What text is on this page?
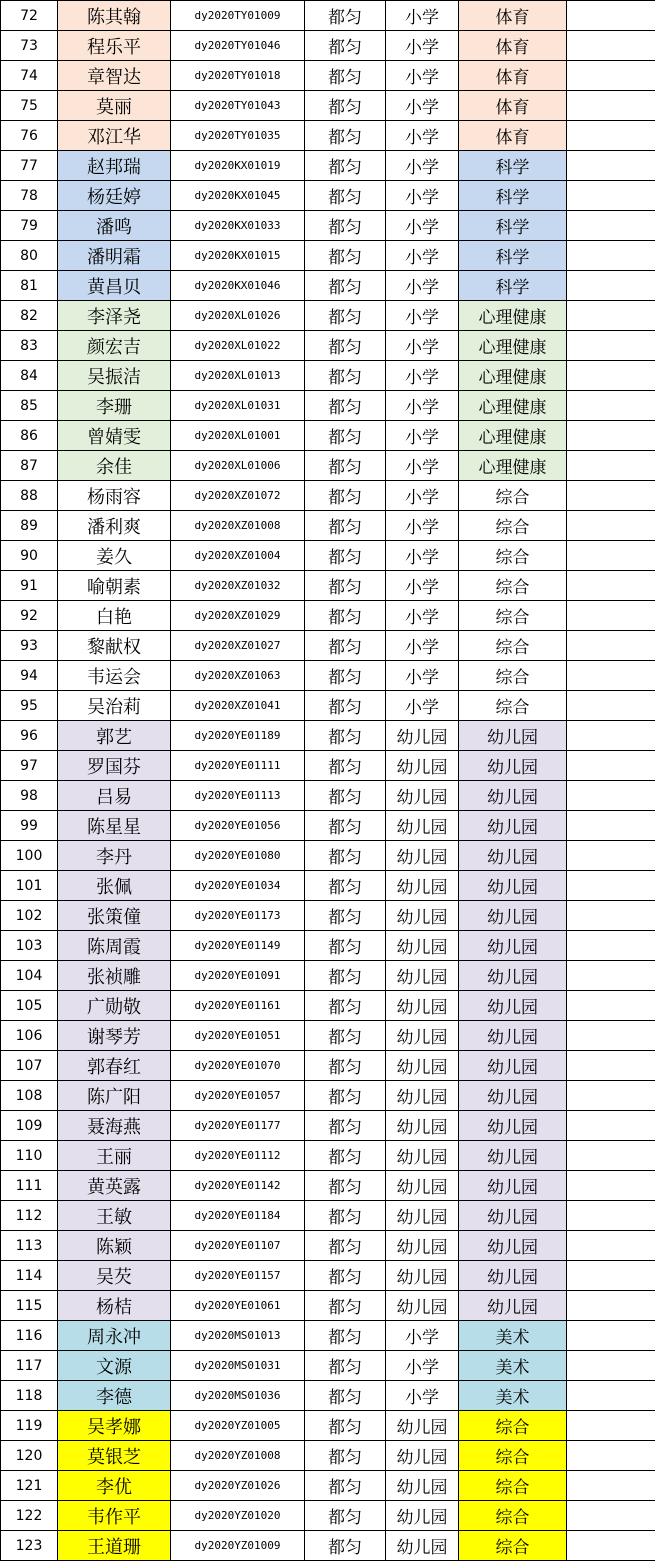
72	陈其翰	dy2020TY01009	都匀	小学	体育	
73	程乐平	dy2020TY01046	都匀	小学	体育	
74	章智达	dy2020TY01018	都匀	小学	体育	
75	莫丽	dy2020TY01043	都匀	小学	体育	
76	邓江华	dy2020TY01035	都匀	小学	体育	
77	赵邦瑞	dy2020KX01019	都匀	小学	科学	
78	杨廷婷	dy2020KX01045	都匀	小学	科学	
79	潘鸣	dy2020KX01033	都匀	小学	科学	
80	潘明霜	dy2020KX01015	都匀	小学	科学	
81	黄昌贝	dy2020KX01046	都匀	小学	科学	
82	李泽尧	dy2020XL01026	都匀	小学	心理健康	
83	颜宏吉	dy2020XL01022	都匀	小学	心理健康	
84	吴振洁	dy2020XL01013	都匀	小学	心理健康	
85	李珊	dy2020XL01031	都匀	小学	心理健康	
86	曾婧雯	dy2020XL01001	都匀	小学	心理健康	
87	余佳	dy2020XL01006	都匀	小学	心理健康	
88	杨雨容	dy2020XZ01072	都匀	小学	综合	
89	潘利爽	dy2020XZ01008	都匀	小学	综合	
90	姜久	dy2020XZ01004	都匀	小学	综合	
91	喻朝素	dy2020XZ01032	都匀	小学	综合	
92	白艳	dy2020XZ01029	都匀	小学	综合	
93	黎献权	dy2020XZ01027	都匀	小学	综合	
94	韦运会	dy2020XZ01063	都匀	小学	综合	
95	吴治莉	dy2020XZ01041	都匀	小学	综合	
96	郭艺	dy2020YE01189	都匀	幼儿园	幼儿园	
97	罗国芬	dy2020YE01111	都匀	幼儿园	幼儿园	
98	吕易	dy2020YE01113	都匀	幼儿园	幼儿园	
99	陈星星	dy2020YE01056	都匀	幼儿园	幼儿园	
100	李丹	dy2020YE01080	都匀	幼儿园	幼儿园	
101	张佩	dy2020YE01034	都匀	幼儿园	幼儿园	
102	张策僮	dy2020YE01173	都匀	幼儿园	幼儿园	
103	陈周霞	dy2020YE01149	都匀	幼儿园	幼儿园	
104	张祯雕	dy2020YE01091	都匀	幼儿园	幼儿园	
105	广勋敬	dy2020YE01161	都匀	幼儿园	幼儿园	
106	谢琴芳	dy2020YE01051	都匀	幼儿园	幼儿园	
107	郭春红	dy2020YE01070	都匀	幼儿园	幼儿园	
108	陈广阳	dy2020YE01057	都匀	幼儿园	幼儿园	
109	聂海燕	dy2020YE01177	都匀	幼儿园	幼儿园	
110	王丽	dy2020YE01112	都匀	幼儿园	幼儿园	
111	黄英露	dy2020YE01142	都匀	幼儿园	幼儿园	
112	王敏	dy2020YE01184	都匀	幼儿园	幼儿园	
113	陈颖	dy2020YE01107	都匀	幼儿园	幼儿园	
114	吴芡	dy2020YE01157	都匀	幼儿园	幼儿园	
115	杨桔	dy2020YE01061	都匀	幼儿园	幼儿园	
116	周永冲	dy2020MS01013	都匀	小学	美术	
117	文源	dy2020MS01031	都匀	小学	美术	
118	李德	dy2020MS01036	都匀	小学	美术	
119	吴孝娜	dy2020YZ01005	都匀	幼儿园	综合	
120	莫银芝	dy2020YZ01008	都匀	幼儿园	综合	
121	李优	dy2020YZ01026	都匀	幼儿园	综合	
122	韦作平	dy2020YZ01020	都匀	幼儿园	综合	
123	王道珊	dy2020YZ01009	都匀	幼儿园	综合	
